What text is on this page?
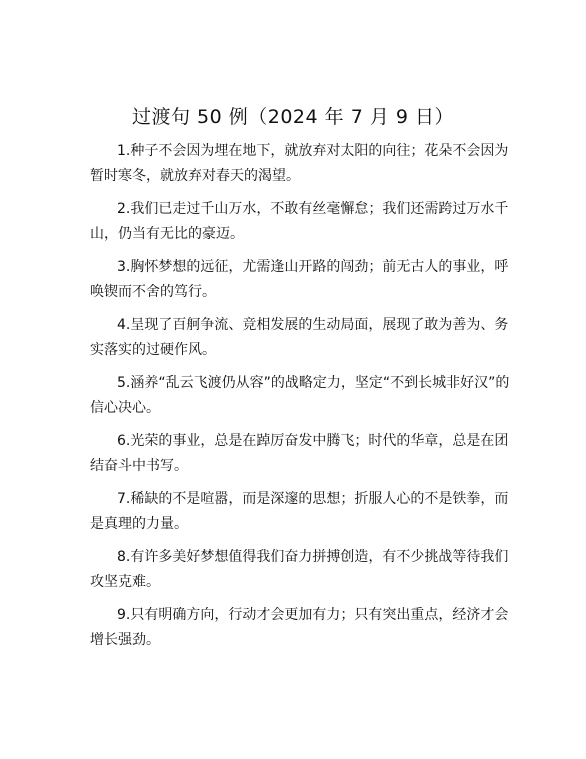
过渡句 50 例（2024 年 7 月 9 日）

1.种子不会因为埋在地下，就放弃对太阳的向往；花朵不会因为暂时寒冬，就放弃对春天的渴望。

2.我们已走过千山万水，不敢有丝毫懈怠；我们还需跨过万水千山，仍当有无比的豪迈。

3.胸怀梦想的远征，尤需逢山开路的闯劲；前无古人的事业，呼唤锲而不舍的笃行。

4.呈现了百舸争流、竞相发展的生动局面，展现了敢为善为、务实落实的过硬作风。

5.涵养“乱云飞渡仍从容”的战略定力，坚定“不到长城非好汉”的信心决心。

6.光荣的事业，总是在踔厉奋发中腾飞；时代的华章，总是在团结奋斗中书写。

7.稀缺的不是喧嚣，而是深邃的思想；折服人心的不是铁拳，而是真理的力量。

8.有许多美好梦想值得我们奋力拼搏创造，有不少挑战等待我们攻坚克难。

9.只有明确方向，行动才会更加有力；只有突出重点，经济才会增长强劲。
